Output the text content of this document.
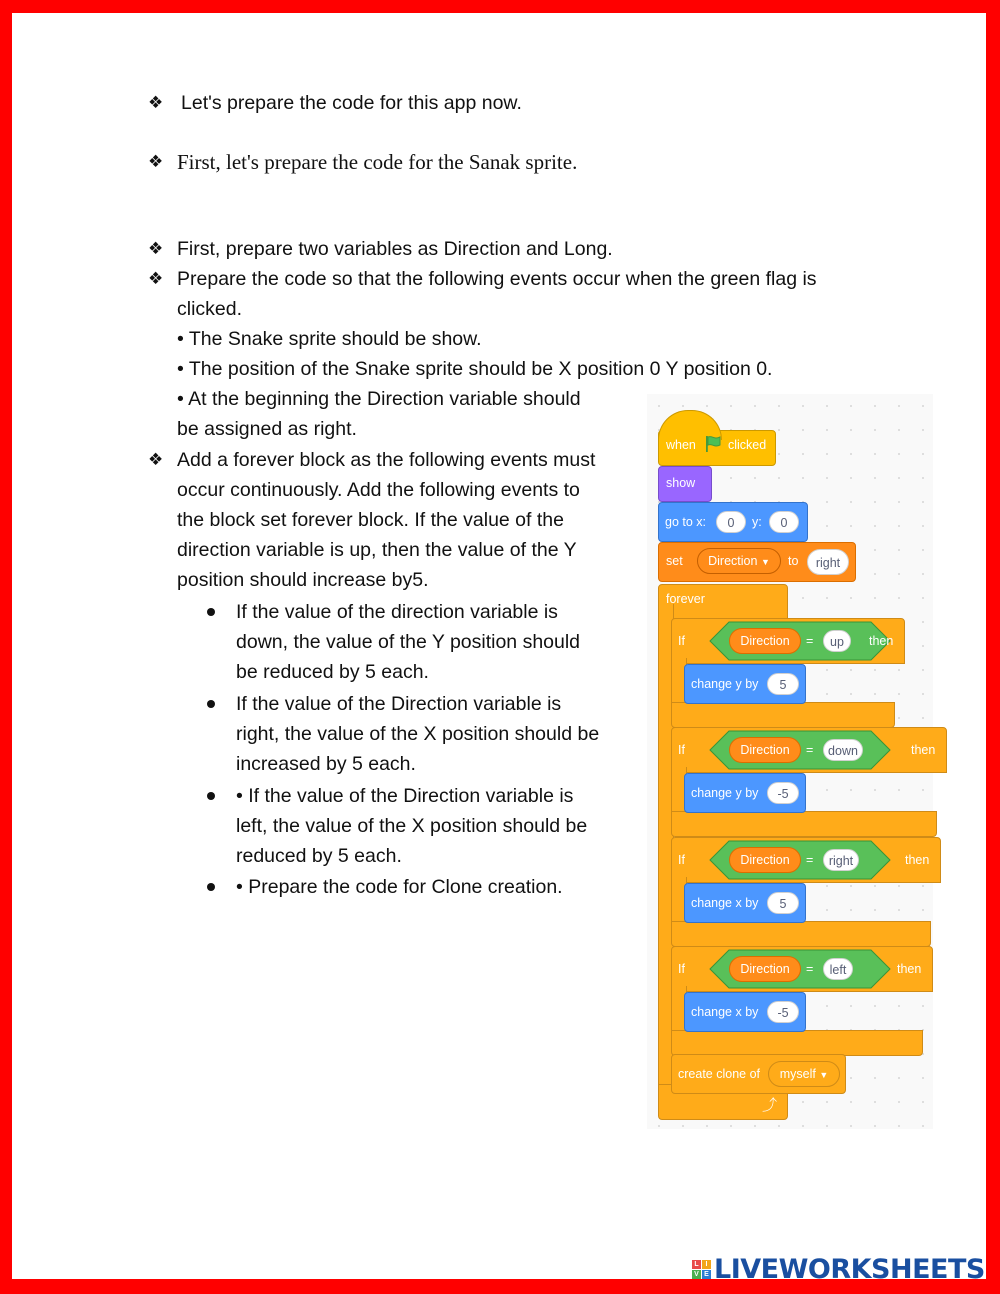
❖ Let's prepare the code for this app now.
❖ First, let's prepare the code for the Sanak sprite.
❖ First, prepare two variables as Direction and Long.
❖ Prepare the code so that the following events occur when the green flag is
clicked.
• The Snake sprite should be show.
• The position of the Snake sprite should be X position 0 Y position 0.
• At the beginning the Direction variable should
be assigned as right.
❖ Add a forever block as the following events must
occur continuously. Add the following events to
the block set forever block. If the value of the
direction variable is up, then the value of the Y
position should increase by5.
If the value of the direction variable is
down, the value of the Y position should
be reduced by 5 each.
If the value of the Direction variable is
right, the value of the X position should be
increased by 5 each.
• If the value of the Direction variable is
left, the value of the X position should be
reduced by 5 each.
• Prepare the code for Clone creation.
forever
⤴
when	clicked
show
go to x:	0	y:	0
set	Direction ▼	to	right
If	Direction	=	up	then
change y by	5
If	Direction	=	down	then
change y by	-5
If	Direction	=	right	then
change x by	5
If	Direction	=	left	then
change x by	-5
create clone of	myself ▼
L I
V E LIVEWORKSHEETS
